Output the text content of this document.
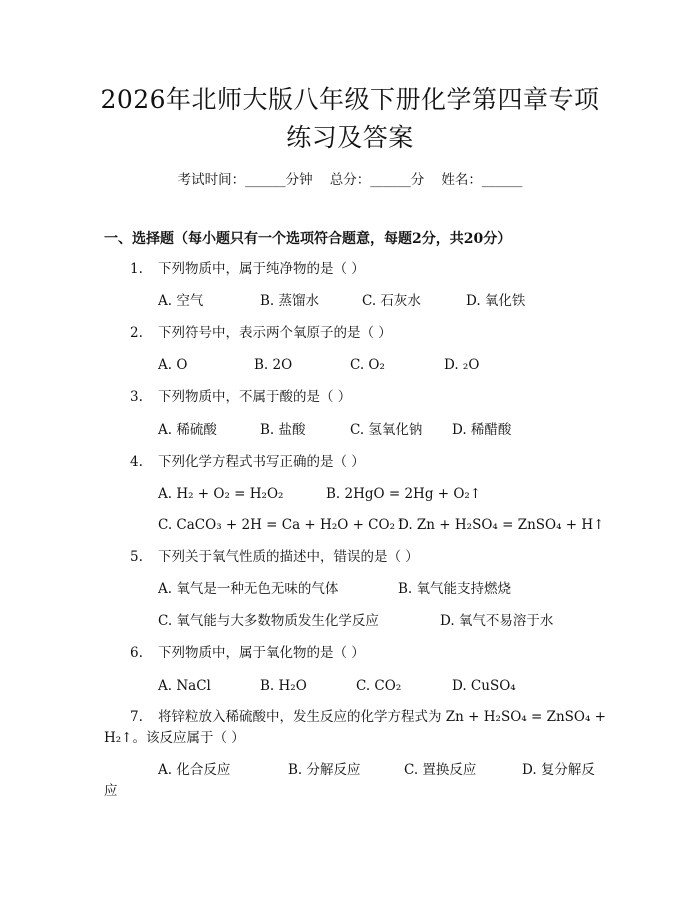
2026年北师大版八年级下册化学第四章专项
练习及答案
考试时间：______分钟    总分：______分    姓名：______
一、选择题（每小题只有一个选项符合题意，每题2分，共20分）
1. 下列物质中，属于纯净物的是（ ）
A. 空气	B. 蒸馏水	C. 石灰水	D. 氧化铁
2. 下列符号中，表示两个氧原子的是（ ）
A. O	B. 2O	C. O₂	D. ₂O
3. 下列物质中，不属于酸的是（ ）
A. 稀硫酸	B. 盐酸	C. 氢氧化钠 D. 稀醋酸
4. 下列化学方程式书写正确的是（ ）
A. H₂ + O₂ = H₂O₂	B. 2HgO = 2Hg + O₂↑
C. CaCO₃ + 2H = Ca + H₂O + CO₂↑
D. Zn + H₂SO₄ = ZnSO₄ + H↑
5. 下列关于氧气性质的描述中，错误的是（ ）
A. 氧气是一种无色无味的气体	B. 氧气能支持燃烧
C. 氧气能与大多数物质发生化学反应	D. 氧气不易溶于水
6. 下列物质中，属于氧化物的是（ ）
A. NaCl	B. H₂O	C. CO₂	D. CuSO₄
7. 将锌粒放入稀硫酸中，发生反应的化学方程式为 Zn + H₂SO₄ = ZnSO₄ +
H₂↑。该反应属于（ ）
A. 化合反应	B. 分解反应	C. 置换反应	D. 复分解反
应
